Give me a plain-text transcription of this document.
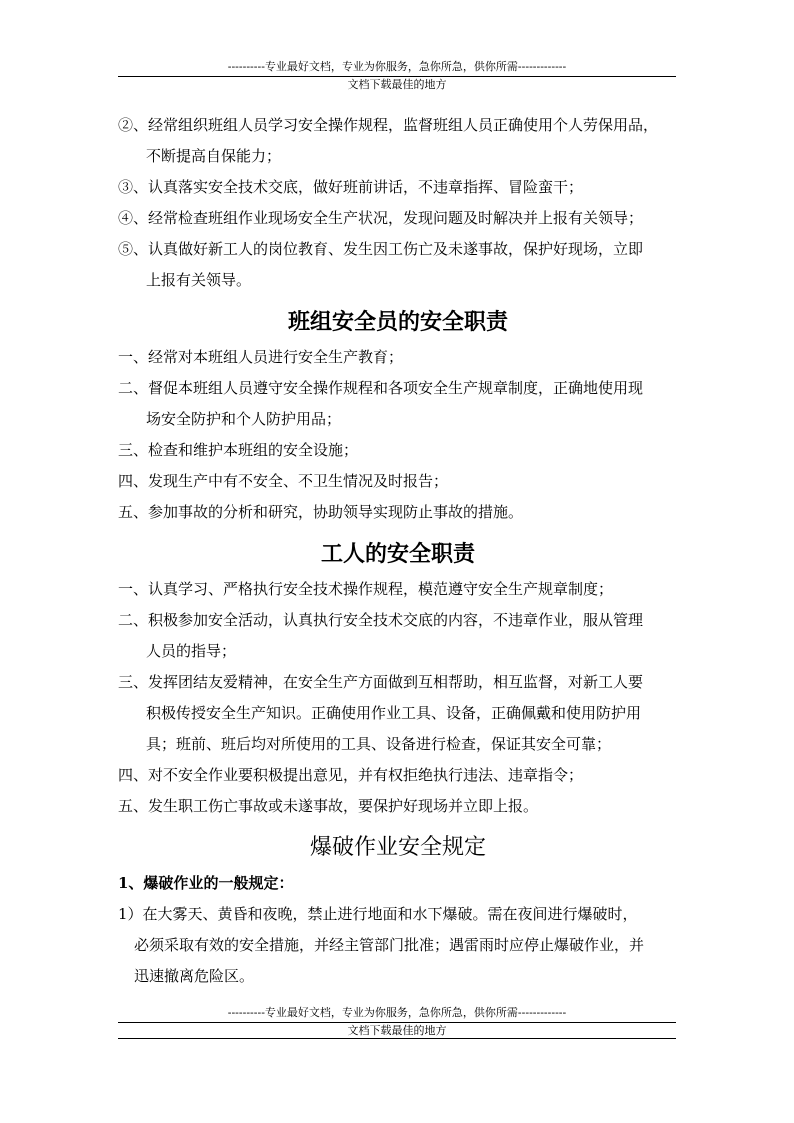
----------专业最好文档，专业为你服务，急你所急，供你所需-------------
文档下载最佳的地方

②、经常组织班组人员学习安全操作规程，监督班组人员正确使用个人劳保用品，
不断提高自保能力；

③、认真落实安全技术交底，做好班前讲话，不违章指挥、冒险蛮干；

④、经常检查班组作业现场安全生产状况，发现问题及时解决并上报有关领导；

⑤、认真做好新工人的岗位教育、发生因工伤亡及未遂事故，保护好现场，立即
上报有关领导。

班组安全员的安全职责

一、经常对本班组人员进行安全生产教育；

二、督促本班组人员遵守安全操作规程和各项安全生产规章制度，正确地使用现
场安全防护和个人防护用品；

三、检查和维护本班组的安全设施；

四、发现生产中有不安全、不卫生情况及时报告；

五、参加事故的分析和研究，协助领导实现防止事故的措施。

工人的安全职责

一、认真学习、严格执行安全技术操作规程，模范遵守安全生产规章制度；

二、积极参加安全活动，认真执行安全技术交底的内容，不违章作业，服从管理
人员的指导；

三、发挥团结友爱精神，在安全生产方面做到互相帮助，相互监督，对新工人要
积极传授安全生产知识。正确使用作业工具、设备，正确佩戴和使用防护用
具；班前、班后均对所使用的工具、设备进行检查，保证其安全可靠；

四、对不安全作业要积极提出意见，并有权拒绝执行违法、违章指令；

五、发生职工伤亡事故或未遂事故，要保护好现场并立即上报。

爆破作业安全规定

1、爆破作业的一般规定：

1）在大雾天、黄昏和夜晚，禁止进行地面和水下爆破。需在夜间进行爆破时，
必须采取有效的安全措施，并经主管部门批准；遇雷雨时应停止爆破作业，并
迅速撤离危险区。

----------专业最好文档，专业为你服务，急你所急，供你所需-------------
文档下载最佳的地方
